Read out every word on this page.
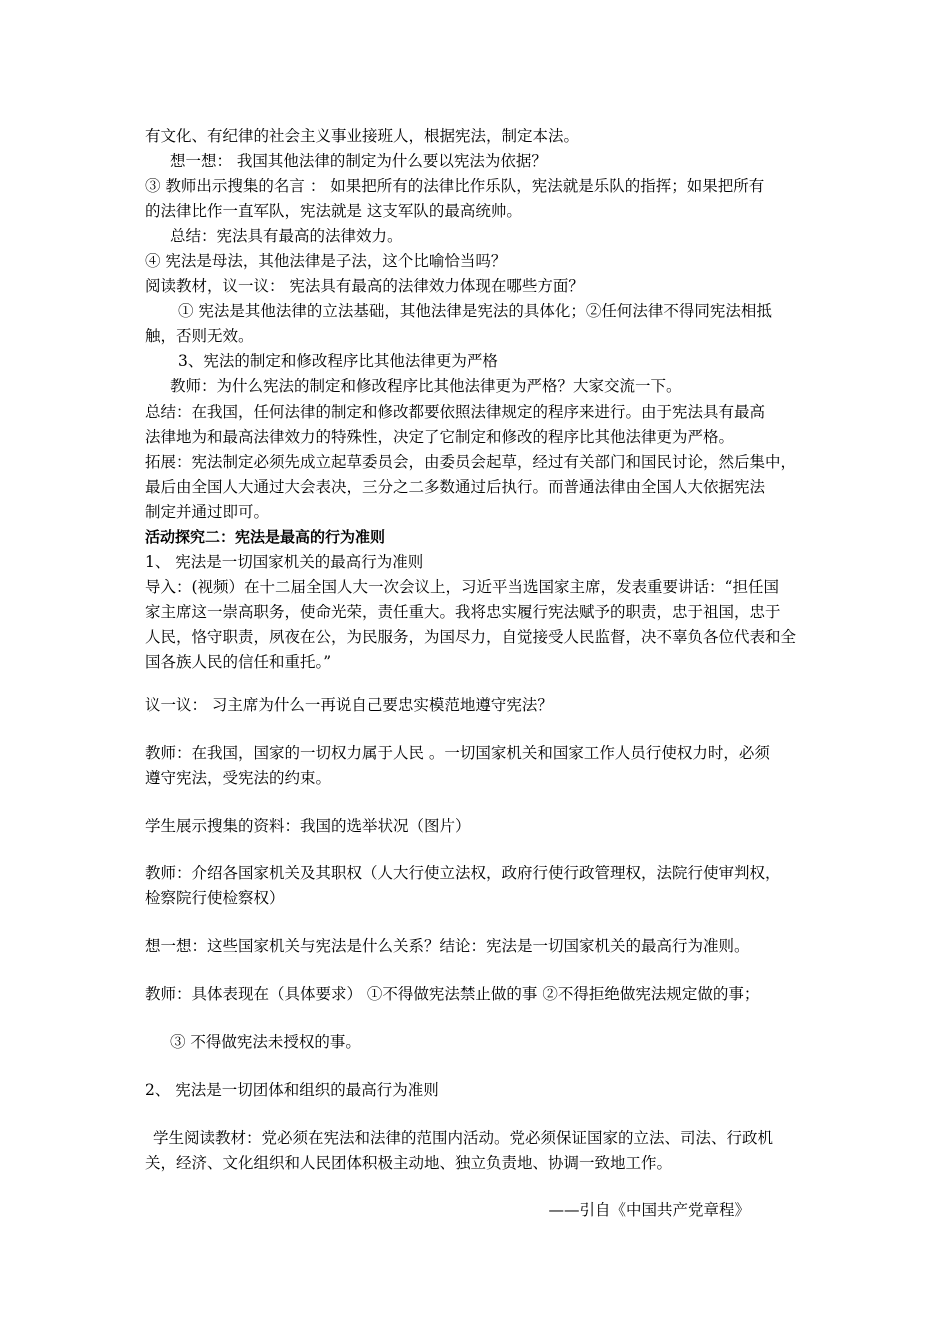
有文化、有纪律的社会主义事业接班人，根据宪法，制定本法。
想一想： 我国其他法律的制定为什么要以宪法为依据？
③ 教师出示搜集的名言 ： 如果把所有的法律比作乐队，宪法就是乐队的指挥；如果把所有
的法律比作一直军队，宪法就是 这支军队的最高统帅。
总结：宪法具有最高的法律效力。
④ 宪法是母法，其他法律是子法，这个比喻恰当吗？
阅读教材，议一议： 宪法具有最高的法律效力体现在哪些方面？
① 宪法是其他法律的立法基础，其他法律是宪法的具体化；②任何法律不得同宪法相抵
触，否则无效。
3、宪法的制定和修改程序比其他法律更为严格
教师：为什么宪法的制定和修改程序比其他法律更为严格？大家交流一下。
总结：在我国，任何法律的制定和修改都要依照法律规定的程序来进行。由于宪法具有最高
法律地为和最高法律效力的特殊性，决定了它制定和修改的程序比其他法律更为严格。
拓展：宪法制定必须先成立起草委员会，由委员会起草，经过有关部门和国民讨论，然后集中，
最后由全国人大通过大会表决，三分之二多数通过后执行。而普通法律由全国人大依据宪法
制定并通过即可。
活动探究二：宪法是最高的行为准则
1、 宪法是一切国家机关的最高行为准则
导入：(视频）在十二届全国人大一次会议上，习近平当选国家主席，发表重要讲话：“担任国
家主席这一崇高职务，使命光荣，责任重大。我将忠实履行宪法赋予的职责，忠于祖国，忠于
人民，恪守职责，夙夜在公，为民服务，为国尽力，自觉接受人民监督，决不辜负各位代表和全
国各族人民的信任和重托。”
议一议： 习主席为什么一再说自己要忠实模范地遵守宪法？
教师：在我国，国家的一切权力属于人民 。一切国家机关和国家工作人员行使权力时，必须
遵守宪法，受宪法的约束。
学生展示搜集的资料：我国的选举状况（图片）
教师：介绍各国家机关及其职权（人大行使立法权，政府行使行政管理权，法院行使审判权，
检察院行使检察权）
想一想：这些国家机关与宪法是什么关系？结论：宪法是一切国家机关的最高行为准则。
教师：具体表现在（具体要求） ①不得做宪法禁止做的事 ②不得拒绝做宪法规定做的事；
③ 不得做宪法未授权的事。
2、 宪法是一切团体和组织的最高行为准则
学生阅读教材：党必须在宪法和法律的范围内活动。党必须保证国家的立法、司法、行政机
关，经济、文化组织和人民团体积极主动地、独立负责地、协调一致地工作。
——引自《中国共产党章程》
